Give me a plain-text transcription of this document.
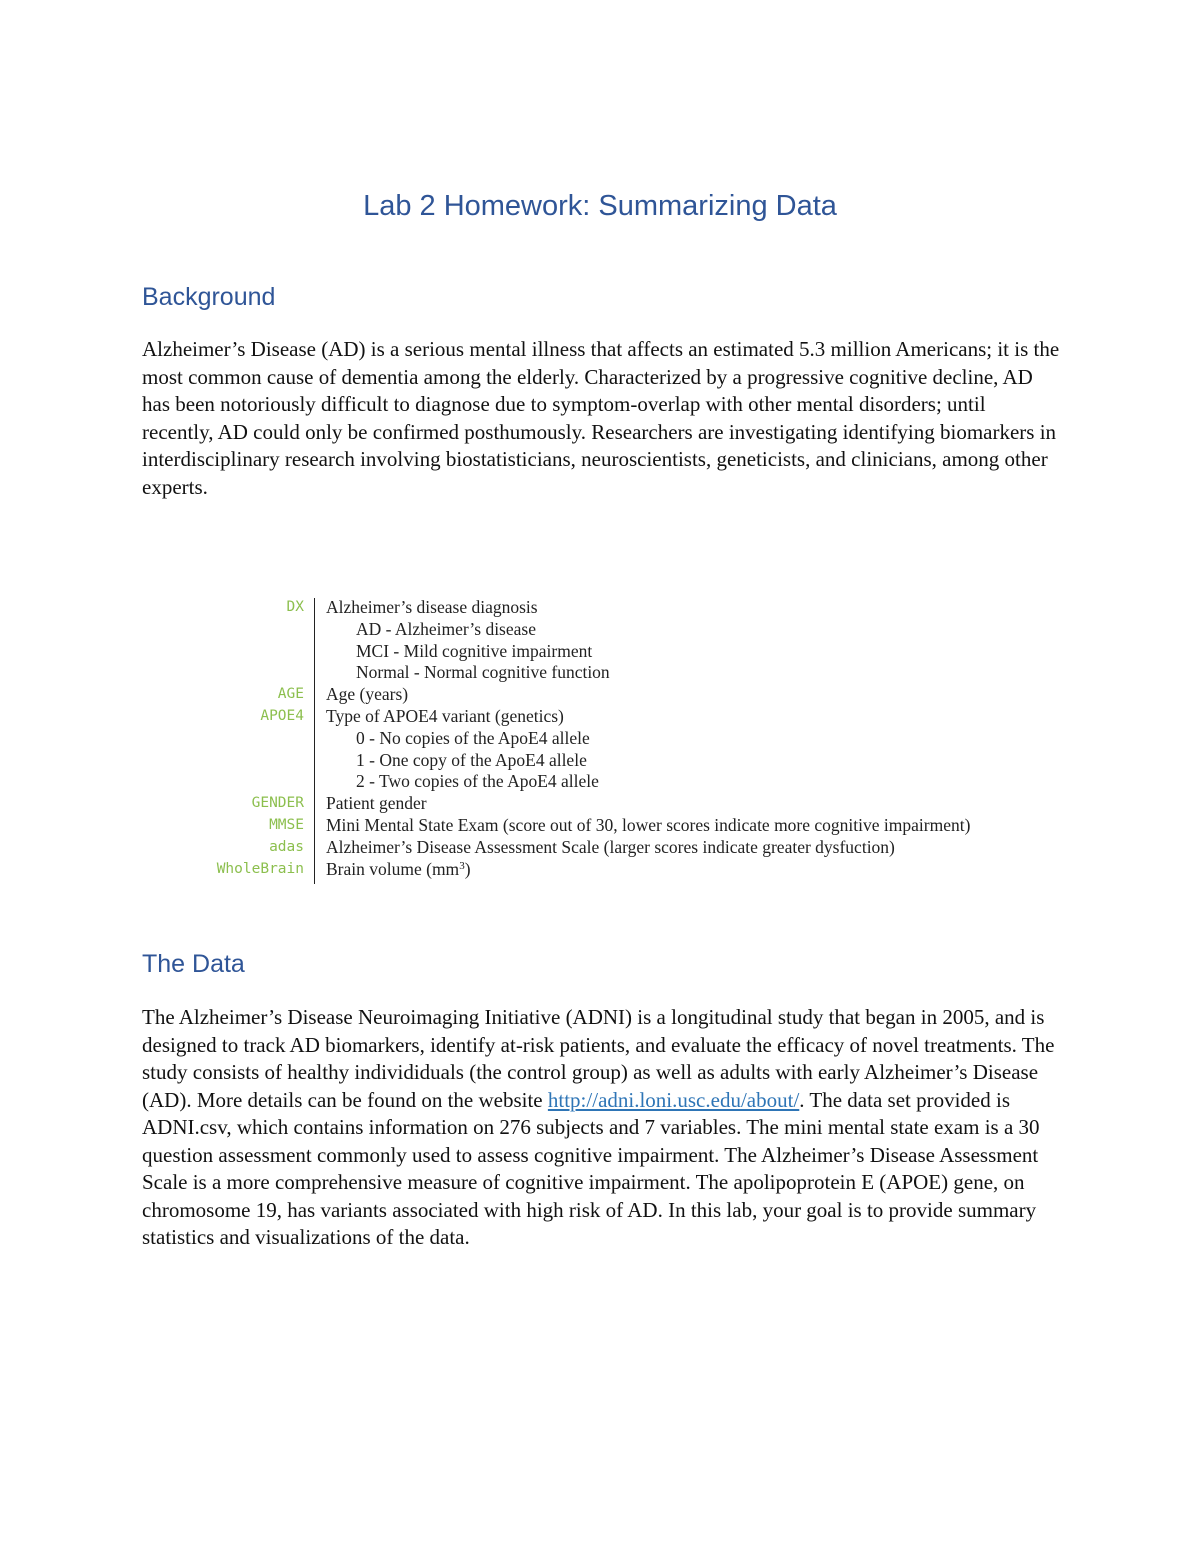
Lab 2 Homework: Summarizing Data
Background

Alzheimer’s Disease (AD) is a serious mental illness that affects an estimated 5.3 million Americans; it is the most common cause of dementia among the elderly. Characterized by a progressive cognitive decline, AD has been notoriously difficult to diagnose due to symptom-overlap with other mental disorders; until recently, AD could only be confirmed posthumously. Researchers are investigating identifying biomarkers in interdisciplinary research involving biostatisticians, neuroscientists, geneticists, and clinicians, among other experts.

DX Alzheimer’s disease diagnosis
AD - Alzheimer’s disease
MCI - Mild cognitive impairment
Normal - Normal cognitive function
AGE Age (years)
APOE4 Type of APOE4 variant (genetics)
0 - No copies of the ApoE4 allele
1 - One copy of the ApoE4 allele
2 - Two copies of the ApoE4 allele
GENDER Patient gender
MMSE Mini Mental State Exam (score out of 30, lower scores indicate more cognitive impairment)
adas Alzheimer’s Disease Assessment Scale (larger scores indicate greater dysfuction)
WholeBrain Brain volume $(mm^3)$
The Data

The Alzheimer’s Disease Neuroimaging Initiative (ADNI) is a longitudinal study that began in 2005, and is designed to track AD biomarkers, identify at-risk patients, and evaluate the efficacy of novel treatments. The study consists of healthy individiduals (the control group) as well as adults with early Alzheimer’s Disease (AD). More details can be found on the website http://adni.loni.usc.edu/about/. The data set provided is ADNI.csv, which contains information on 276 subjects and 7 variables. The mini mental state exam is a 30 question assessment commonly used to assess cognitive impairment. The Alzheimer’s Disease Assessment Scale is a more comprehensive measure of cognitive impairment. The apolipoprotein E (APOE) gene, on chromosome 19, has variants associated with high risk of AD. In this lab, your goal is to provide summary statistics and visualizations of the data.
